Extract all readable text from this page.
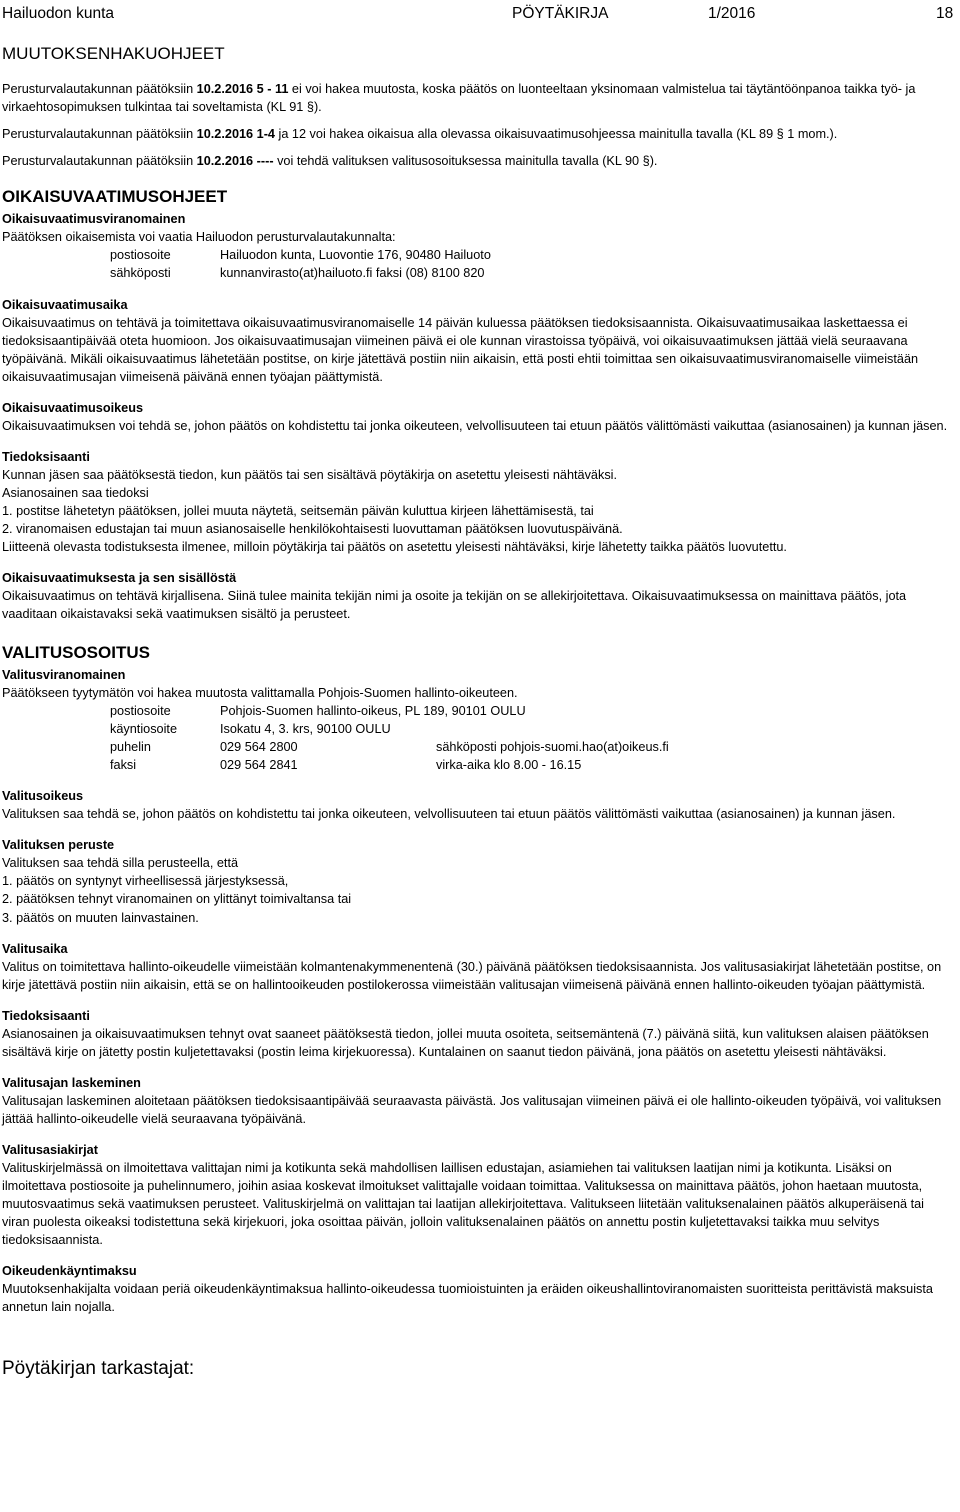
Hailuodon kunta	PÖYTÄKIRJA	1/2016	18
MUUTOKSENHAKUOHJEET

Perusturvalautakunnan päätöksiin 10.2.2016 5 - 11 ei voi hakea muutosta, koska päätös on luonteeltaan yksinomaan valmistelua tai täytäntöönpanoa taikka työ- ja virkaehtosopimuksen tulkintaa tai soveltamista (KL 91 §).

Perusturvalautakunnan päätöksiin 10.2.2016 1-4 ja 12 voi hakea oikaisua alla olevassa oikaisuvaatimusohjeessa mainitulla tavalla (KL 89 § 1 mom.).

Perusturvalautakunnan päätöksiin 10.2.2016 ---- voi tehdä valituksen valitusosoituksessa mainitulla tavalla (KL 90 §).

OIKAISUVAATIMUSOHJEET

Oikaisuvaatimusviranomainen

Päätöksen oikaisemista voi vaatia Hailuodon perusturvalautakunnalta:

postiosoite	Hailuodon kunta, Luovontie 176, 90480 Hailuoto
sähköposti	kunnanvirasto(at)hailuoto.fi faksi (08) 8100 820

Oikaisuvaatimusaika

Oikaisuvaatimus on tehtävä ja toimitettava oikaisuvaatimusviranomaiselle 14 päivän kuluessa päätöksen tiedoksisaannista. Oikaisuvaatimusaikaa laskettaessa ei tiedoksisaantipäivää oteta huomioon. Jos oikaisuvaatimusajan viimeinen päivä ei ole kunnan virastoissa työpäivä, voi oikaisuvaatimuksen jättää vielä seuraavana työpäivänä. Mikäli oikaisuvaatimus lähetetään postitse, on kirje jätettävä postiin niin aikaisin, että posti ehtii toimittaa sen oikaisuvaatimusviranomaiselle viimeistään oikaisuvaatimusajan viimeisenä päivänä ennen työajan päättymistä.

Oikaisuvaatimusoikeus

Oikaisuvaatimuksen voi tehdä se, johon päätös on kohdistettu tai jonka oikeuteen, velvollisuuteen tai etuun päätös välittömästi vaikuttaa (asianosainen) ja kunnan jäsen.

Tiedoksisaanti

Kunnan jäsen saa päätöksestä tiedon, kun päätös tai sen sisältävä pöytäkirja on asetettu yleisesti nähtäväksi.

Asianosainen saa tiedoksi

1. postitse lähetetyn päätöksen, jollei muuta näytetä, seitsemän päivän kuluttua kirjeen lähettämisestä, tai

2. viranomaisen edustajan tai muun asianosaiselle henkilökohtaisesti luovuttaman päätöksen luovutuspäivänä.

Liitteenä olevasta todistuksesta ilmenee, milloin pöytäkirja tai päätös on asetettu yleisesti nähtäväksi, kirje lähetetty taikka päätös luovutettu.

Oikaisuvaatimuksesta ja sen sisällöstä

Oikaisuvaatimus on tehtävä kirjallisena. Siinä tulee mainita tekijän nimi ja osoite ja tekijän on se allekirjoitettava. Oikaisuvaatimuksessa on mainittava päätös, jota vaaditaan oikaistavaksi sekä vaatimuksen sisältö ja perusteet.

VALITUSOSOITUS

Valitusviranomainen

Päätökseen tyytymätön voi hakea muutosta valittamalla Pohjois-Suomen hallinto-oikeuteen.

postiosoite	Pohjois-Suomen hallinto-oikeus, PL 189, 90101 OULU
käyntiosoite	Isokatu 4, 3. krs, 90100 OULU
puhelin	029 564 2800	sähköposti pohjois-suomi.hao(at)oikeus.fi
faksi	029 564 2841	virka-aika klo 8.00 - 16.15

Valitusoikeus

Valituksen saa tehdä se, johon päätös on kohdistettu tai jonka oikeuteen, velvollisuuteen tai etuun päätös välittömästi vaikuttaa (asianosainen) ja kunnan jäsen.

Valituksen peruste

Valituksen saa tehdä silla perusteella, että

1. päätös on syntynyt virheellisessä järjestyksessä,

2. päätöksen tehnyt viranomainen on ylittänyt toimivaltansa tai

3. päätös on muuten lainvastainen.

Valitusaika

Valitus on toimitettava hallinto-oikeudelle viimeistään kolmantenakymmenentenä (30.) päivänä päätöksen tiedoksisaannista. Jos valitusasiakirjat lähetetään postitse, on kirje jätettävä postiin niin aikaisin, että se on hallintooikeuden postilokerossa viimeistään valitusajan viimeisenä päivänä ennen hallinto-oikeuden työajan päättymistä.

Tiedoksisaanti

Asianosainen ja oikaisuvaatimuksen tehnyt ovat saaneet päätöksestä tiedon, jollei muuta osoiteta, seitsemäntenä (7.) päivänä siitä, kun valituksen alaisen päätöksen sisältävä kirje on jätetty postin kuljetettavaksi (postin leima kirjekuoressa). Kuntalainen on saanut tiedon päivänä, jona päätös on asetettu yleisesti nähtäväksi.

Valitusajan laskeminen

Valitusajan laskeminen aloitetaan päätöksen tiedoksisaantipäivää seuraavasta päivästä. Jos valitusajan viimeinen päivä ei ole hallinto-oikeuden työpäivä, voi valituksen jättää hallinto-oikeudelle vielä seuraavana työpäivänä.

Valitusasiakirjat

Valituskirjelmässä on ilmoitettava valittajan nimi ja kotikunta sekä mahdollisen laillisen edustajan, asiamiehen tai valituksen laatijan nimi ja kotikunta. Lisäksi on ilmoitettava postiosoite ja puhelinnumero, joihin asiaa koskevat ilmoitukset valittajalle voidaan toimittaa. Valituksessa on mainittava päätös, johon haetaan muutosta, muutosvaatimus sekä vaatimuksen perusteet. Valituskirjelmä on valittajan tai laatijan allekirjoitettava. Valitukseen liitetään valituksenalainen päätös alkuperäisenä tai viran puolesta oikeaksi todistettuna sekä kirjekuori, joka osoittaa päivän, jolloin valituksenalainen päätös on annettu postin kuljetettavaksi taikka muu selvitys tiedoksisaannista.

Oikeudenkäyntimaksu

Muutoksenhakijalta voidaan periä oikeudenkäyntimaksua hallinto-oikeudessa tuomioistuinten ja eräiden oikeushallintoviranomaisten suoritteista perittävistä maksuista annetun lain nojalla.

Pöytäkirjan tarkastajat:
